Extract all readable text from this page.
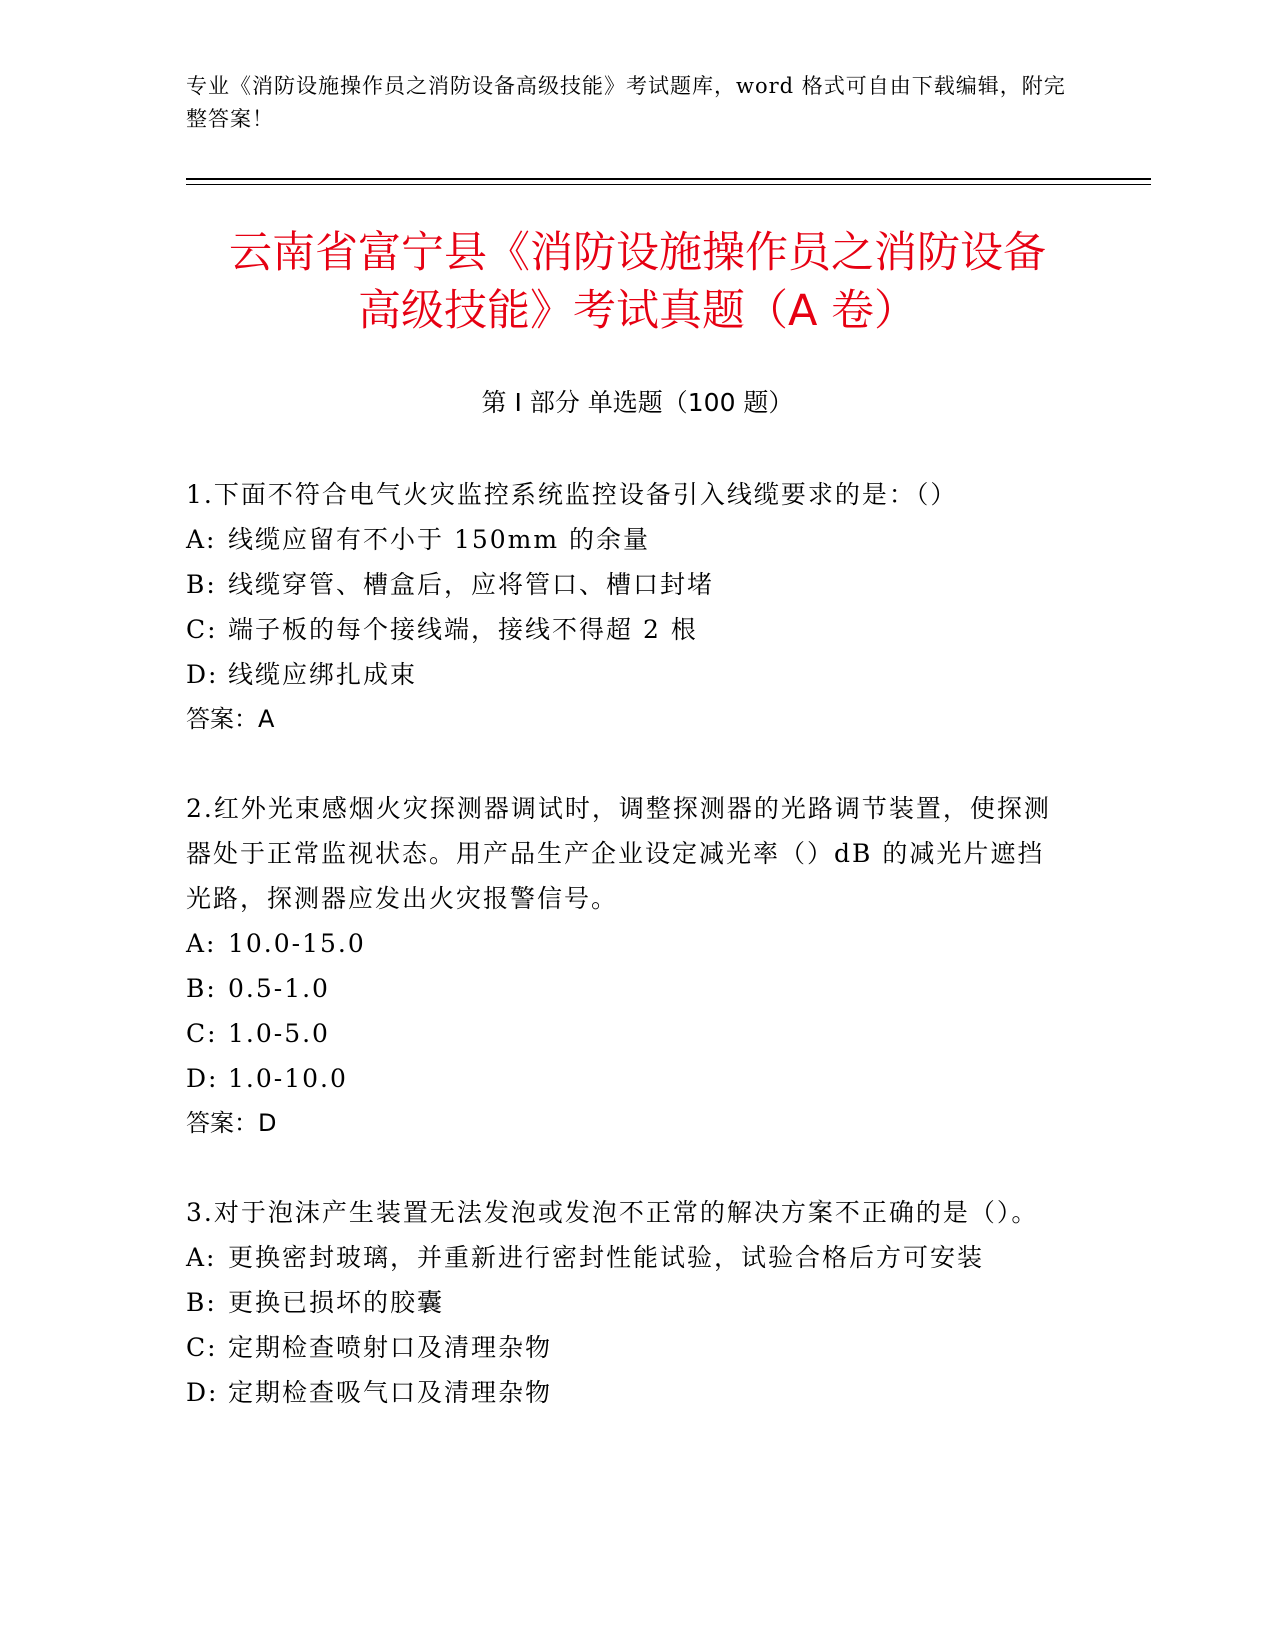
专业《消防设施操作员之消防设备高级技能》考试题库，word 格式可自由下载编辑，附完整答案！
云南省富宁县《消防设施操作员之消防设备
高级技能》考试真题（A 卷）
第 I 部分 单选题（100 题）
1.下面不符合电气火灾监控系统监控设备引入线缆要求的是：（）
A: 线缆应留有不小于 150mm 的余量
B: 线缆穿管、槽盒后，应将管口、槽口封堵
C: 端子板的每个接线端，接线不得超 2 根
D: 线缆应绑扎成束
答案：A
2.红外光束感烟火灾探测器调试时，调整探测器的光路调节装置，使探测器处于正常监视状态。用产品生产企业设定减光率（）dB 的减光片遮挡光路，探测器应发出火灾报警信号。
A: 10.0-15.0
B: 0.5-1.0
C: 1.0-5.0
D: 1.0-10.0
答案：D
3.对于泡沫产生装置无法发泡或发泡不正常的解决方案不正确的是（）。
A: 更换密封玻璃，并重新进行密封性能试验，试验合格后方可安装
B: 更换已损坏的胶囊
C: 定期检查喷射口及清理杂物
D: 定期检查吸气口及清理杂物
